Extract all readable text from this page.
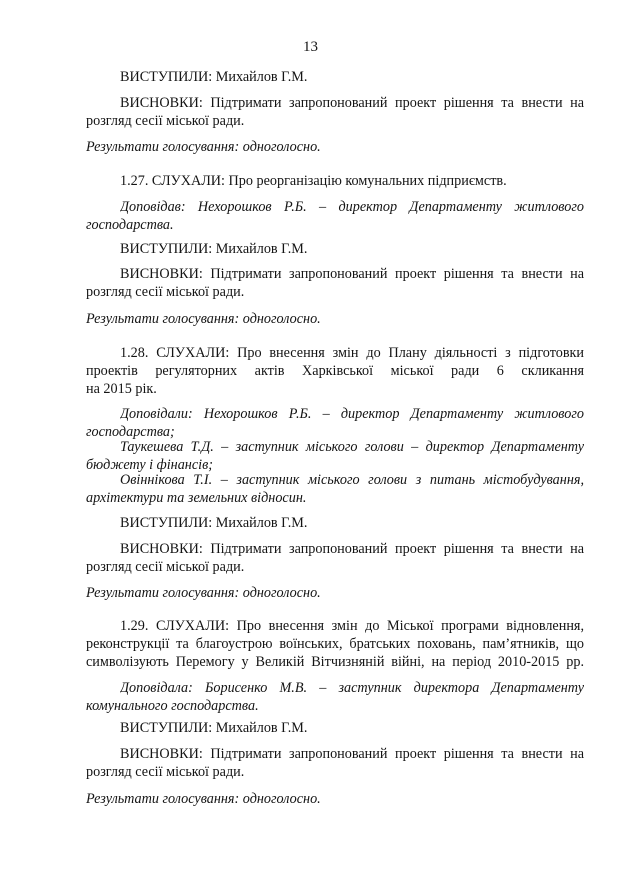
13
ВИСТУПИЛИ: Михайлов Г.М.
ВИСНОВКИ: Підтримати запропонований проект рішення та внести на
розгляд сесії міської ради.
Результати голосування: одноголосно.
1.27. СЛУХАЛИ: Про реорганізацію комунальних підприємств.
Доповідав: Нехорошков Р.Б. – директор Департаменту житлового
господарства.
ВИСТУПИЛИ: Михайлов Г.М.
ВИСНОВКИ: Підтримати запропонований проект рішення та внести на
розгляд сесії міської ради.
Результати голосування: одноголосно.
1.28. СЛУХАЛИ: Про внесення змін до Плану діяльності з підготовки
проектів регуляторних актів Харківської міської ради 6 скликання
на 2015 рік.
Доповідали: Нехорошков Р.Б. – директор Департаменту житлового
господарства;
Таукешева Т.Д. – заступник міського голови – директор Департаменту
бюджету і фінансів;
Овіннікова Т.І. – заступник міського голови з питань містобудування,
архітектури та земельних відносин.
ВИСТУПИЛИ: Михайлов Г.М.
ВИСНОВКИ: Підтримати запропонований проект рішення та внести на
розгляд сесії міської ради.
Результати голосування: одноголосно.
1.29. СЛУХАЛИ: Про внесення змін до Міської програми відновлення,
реконструкції та благоустрою воїнських, братських поховань, пам’ятників, що
символізують Перемогу у Великій Вітчизняній війні, на період 2010-2015 рр.
Доповідала: Борисенко М.В. – заступник директора Департаменту
комунального господарства.
ВИСТУПИЛИ: Михайлов Г.М.
ВИСНОВКИ: Підтримати запропонований проект рішення та внести на
розгляд сесії міської ради.
Результати голосування: одноголосно.
